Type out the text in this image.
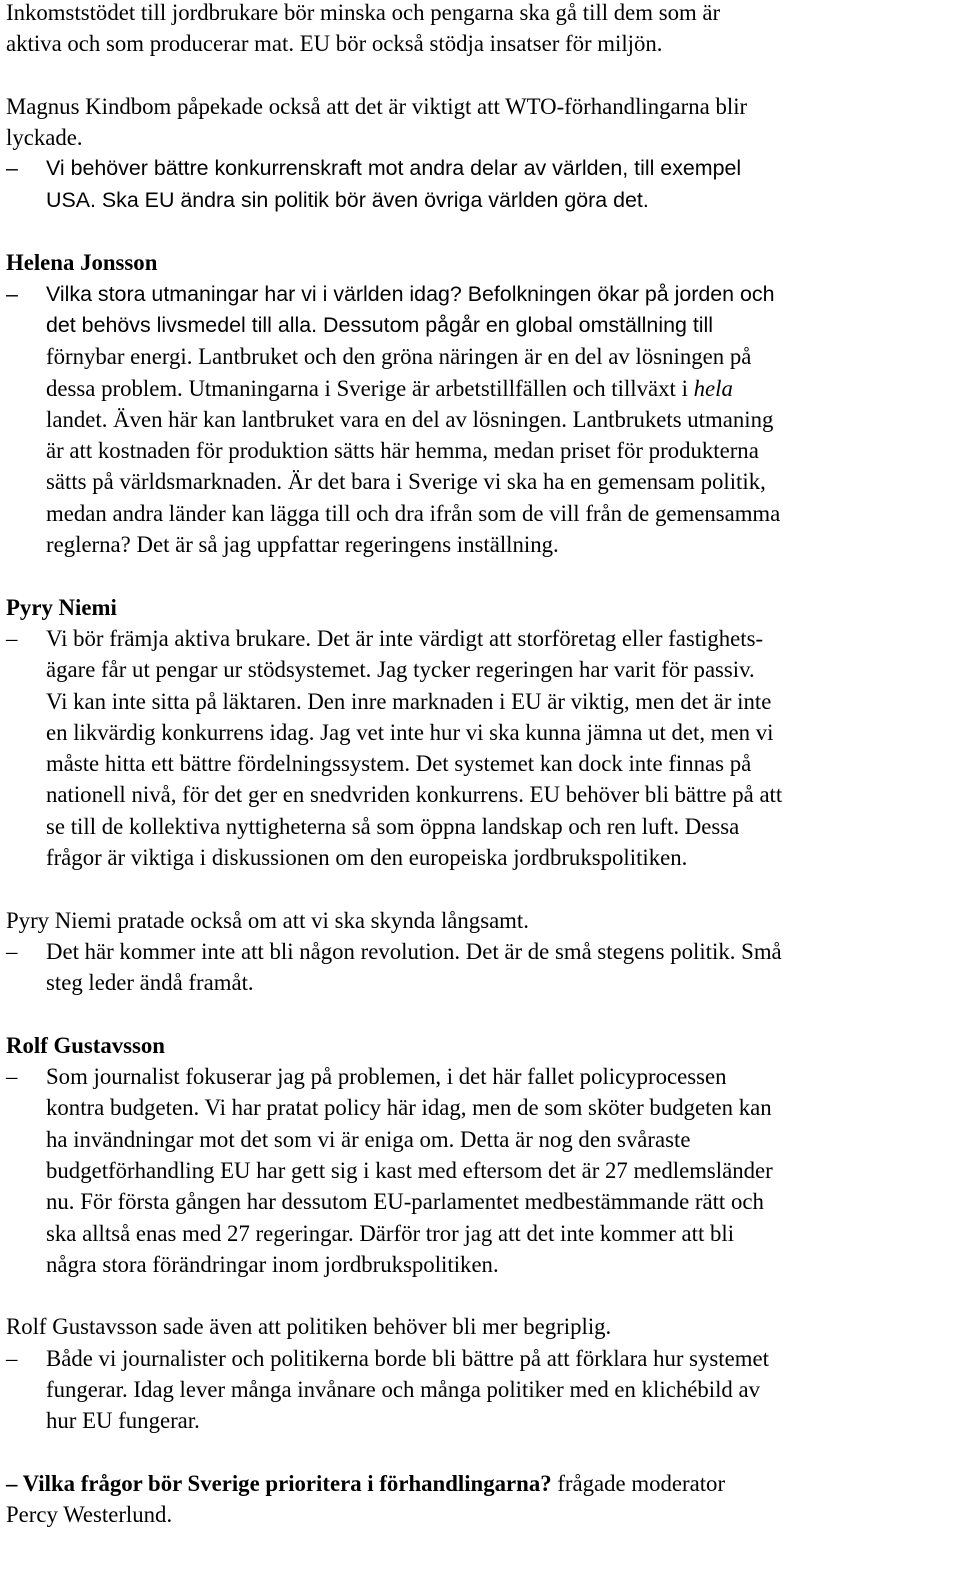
Inkomststödet till jordbrukare bör minska och pengarna ska gå till dem som är
aktiva och som producerar mat. EU bör också stödja insatser för miljön.
Magnus Kindbom påpekade också att det är viktigt att WTO-förhandlingarna blir
lyckade.
–	Vi behöver bättre konkurrenskraft mot andra delar av världen, till exempel
USA. Ska EU ändra sin politik bör även övriga världen göra det.
Helena Jonsson
–	Vilka stora utmaningar har vi i världen idag? Befolkningen ökar på jorden och
det behövs livsmedel till alla. Dessutom pågår en global omställning till
förnybar energi. Lantbruket och den gröna näringen är en del av lösningen på
dessa problem. Utmaningarna i Sverige är arbetstillfällen och tillväxt i hela
landet. Även här kan lantbruket vara en del av lösningen. Lantbrukets utmaning
är att kostnaden för produktion sätts här hemma, medan priset för produkterna
sätts på världsmarknaden. Är det bara i Sverige vi ska ha en gemensam politik,
medan andra länder kan lägga till och dra ifrån som de vill från de gemensamma
reglerna? Det är så jag uppfattar regeringens inställning.
Pyry Niemi
–	Vi bör främja aktiva brukare. Det är inte värdigt att storföretag eller fastighets-
ägare får ut pengar ur stödsystemet. Jag tycker regeringen har varit för passiv.
Vi kan inte sitta på läktaren. Den inre marknaden i EU är viktig, men det är inte
en likvärdig konkurrens idag. Jag vet inte hur vi ska kunna jämna ut det, men vi
måste hitta ett bättre fördelningssystem. Det systemet kan dock inte finnas på
nationell nivå, för det ger en snedvriden konkurrens. EU behöver bli bättre på att
se till de kollektiva nyttigheterna så som öppna landskap och ren luft. Dessa
frågor är viktiga i diskussionen om den europeiska jordbrukspolitiken.
Pyry Niemi pratade också om att vi ska skynda långsamt.
–	Det här kommer inte att bli någon revolution. Det är de små stegens politik. Små
steg leder ändå framåt.
Rolf Gustavsson
–	Som journalist fokuserar jag på problemen, i det här fallet policyprocessen
kontra budgeten. Vi har pratat policy här idag, men de som sköter budgeten kan
ha invändningar mot det som vi är eniga om. Detta är nog den svåraste
budgetförhandling EU har gett sig i kast med eftersom det är 27 medlemsländer
nu. För första gången har dessutom EU-parlamentet medbestämmande rätt och
ska alltså enas med 27 regeringar. Därför tror jag att det inte kommer att bli
några stora förändringar inom jordbrukspolitiken.
Rolf Gustavsson sade även att politiken behöver bli mer begriplig.
–	Både vi journalister och politikerna borde bli bättre på att förklara hur systemet
fungerar. Idag lever många invånare och många politiker med en klichébild av
hur EU fungerar.
– Vilka frågor bör Sverige prioritera i förhandlingarna? frågade moderator
Percy Westerlund.
